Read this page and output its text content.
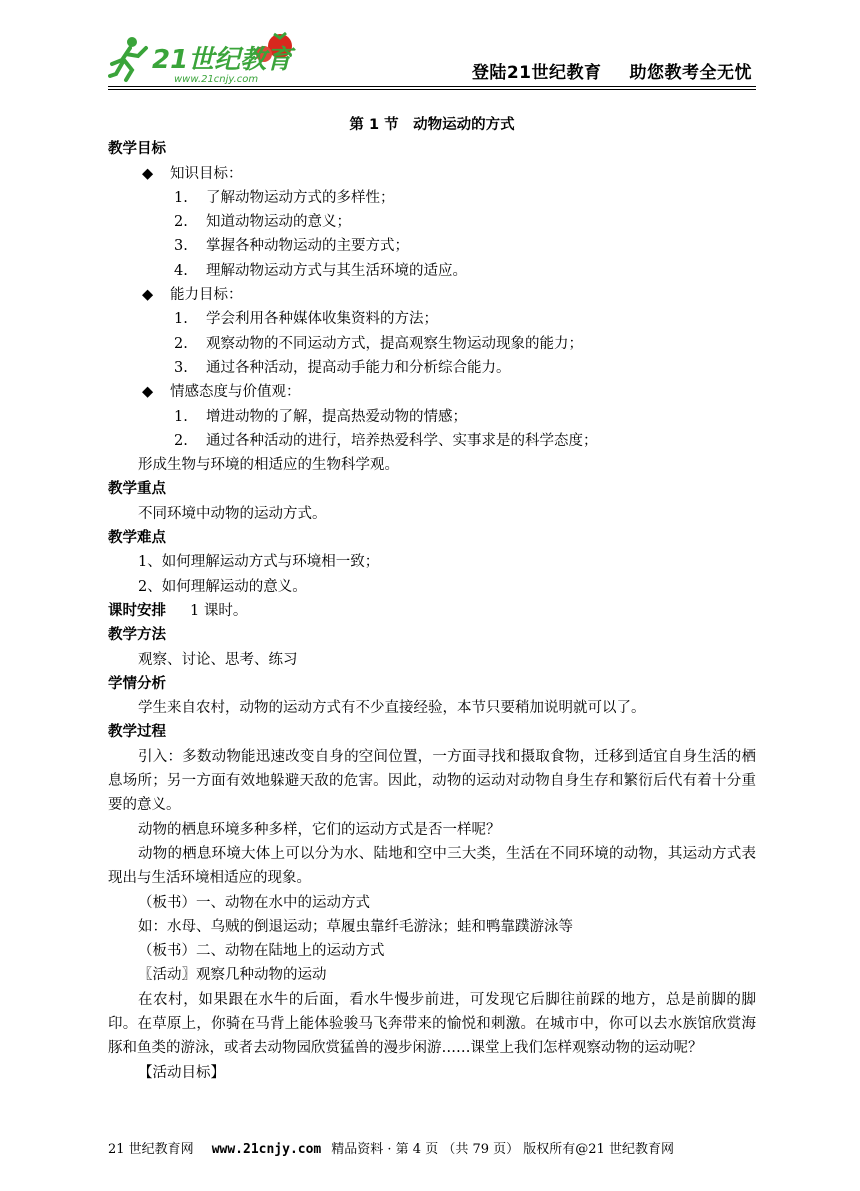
21世纪教育
www.21cnjy.com	登陆21世纪教育 助您教考全无忧
第 1 节　动物运动的方式
教学目标
◆ 知识目标：
1. 了解动物运动方式的多样性；
2. 知道动物运动的意义；
3. 掌握各种动物运动的主要方式；
4. 理解动物运动方式与其生活环境的适应。
◆ 能力目标：
1. 学会利用各种媒体收集资料的方法；
2. 观察动物的不同运动方式，提高观察生物运动现象的能力；
3. 通过各种活动，提高动手能力和分析综合能力。
◆ 情感态度与价值观：
1. 增进动物的了解，提高热爱动物的情感；
2. 通过各种活动的进行，培养热爱科学、实事求是的科学态度；
形成生物与环境的相适应的生物科学观。
教学重点
不同环境中动物的运动方式。
教学难点
1、如何理解运动方式与环境相一致；
2、如何理解运动的意义。
课时安排 1 课时。
教学方法
观察、讨论、思考、练习
学情分析
学生来自农村，动物的运动方式有不少直接经验，本节只要稍加说明就可以了。
教学过程
引入：多数动物能迅速改变自身的空间位置，一方面寻找和摄取食物，迁移到适宜自身生活的栖息场所；另一方面有效地躲避天敌的危害。因此，动物的运动对动物自身生存和繁衍后代有着十分重要的意义。
动物的栖息环境多种多样，它们的运动方式是否一样呢？
动物的栖息环境大体上可以分为水、陆地和空中三大类，生活在不同环境的动物，其运动方式表现出与生活环境相适应的现象。
（板书）一、动物在水中的运动方式
如：水母、乌贼的倒退运动；草履虫靠纤毛游泳；蛙和鸭靠蹼游泳等
（板书）二、动物在陆地上的运动方式
〖活动〗观察几种动物的运动
在农村，如果跟在水牛的后面，看水牛慢步前进，可发现它后脚往前踩的地方，总是前脚的脚印。在草原上，你骑在马背上能体验骏马飞奔带来的愉悦和刺激。在城市中，你可以去水族馆欣赏海豚和鱼类的游泳，或者去动物园欣赏猛兽的漫步闲游……课堂上我们怎样观察动物的运动呢？
【活动目标】
21 世纪教育网 www.21cnjy.com 精品资料 · 第 4 页 （共 79 页） 版权所有@21 世纪教育网
